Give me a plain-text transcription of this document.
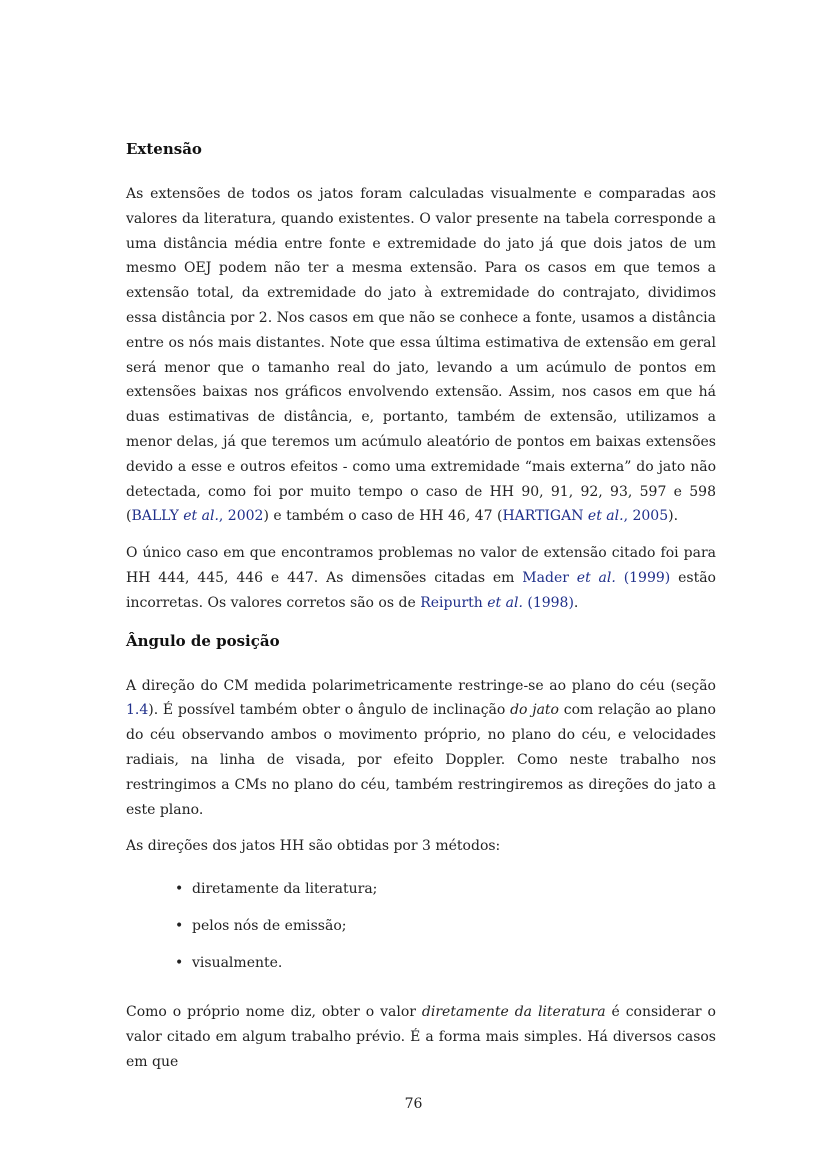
Extensão

As extensões de todos os jatos foram calculadas visualmente e comparadas aos valores da literatura, quando existentes. O valor presente na tabela corresponde a uma distância média entre fonte e extremidade do jato já que dois jatos de um mesmo OEJ podem não ter a mesma extensão. Para os casos em que temos a extensão total, da extremidade do jato à extremidade do contrajato, dividimos essa distância por 2. Nos casos em que não se conhece a fonte, usamos a distância entre os nós mais distantes. Note que essa última estimativa de extensão em geral será menor que o tamanho real do jato, levando a um acúmulo de pontos em extensões baixas nos gráficos envolvendo extensão. Assim, nos casos em que há duas estimativas de distância, e, portanto, também de extensão, utilizamos a menor delas, já que teremos um acúmulo aleatório de pontos em baixas extensões devido a esse e outros efeitos - como uma extremidade “mais externa” do jato não detectada, como foi por muito tempo o caso de HH 90, 91, 92, 93, 597 e 598 (BALLY et al., 2002) e também o caso de HH 46, 47 (HARTIGAN et al., 2005).

O único caso em que encontramos problemas no valor de extensão citado foi para HH 444, 445, 446 e 447. As dimensões citadas em Mader et al. (1999) estão incorretas. Os valores corretos são os de Reipurth et al. (1998).

Ângulo de posição

A direção do CM medida polarimetricamente restringe-se ao plano do céu (seção 1.4). É possível também obter o ângulo de inclinação do jato com relação ao plano do céu observando ambos o movimento próprio, no plano do céu, e velocidades radiais, na linha de visada, por efeito Doppler. Como neste trabalho nos restringimos a CMs no plano do céu, também restringiremos as direções do jato a este plano.

As direções dos jatos HH são obtidas por 3 métodos:

• diretamente da literatura;
• pelos nós de emissão;
• visualmente.

Como o próprio nome diz, obter o valor diretamente da literatura é considerar o valor citado em algum trabalho prévio. É a forma mais simples. Há diversos casos em que

76
